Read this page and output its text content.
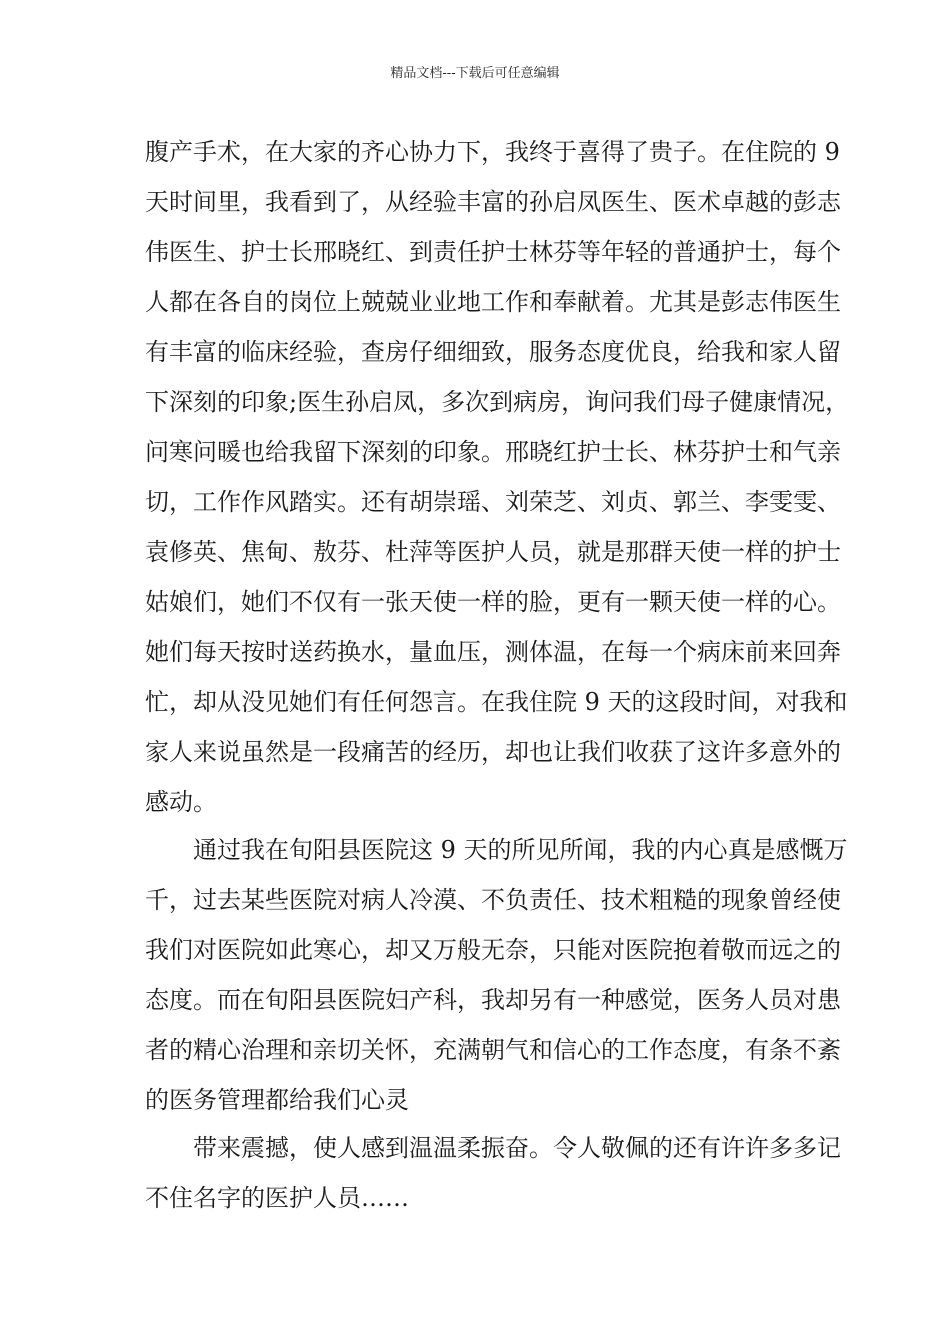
精品文档---下载后可任意编辑
腹产手术，在大家的齐心协力下，我终于喜得了贵子。在住院的 9
天时间里，我看到了，从经验丰富的孙启凤医生、医术卓越的彭志
伟医生、护士长邢晓红、到责任护士林芬等年轻的普通护士，每个
人都在各自的岗位上兢兢业业地工作和奉献着。尤其是彭志伟医生
有丰富的临床经验，查房仔细细致，服务态度优良，给我和家人留
下深刻的印象;医生孙启凤，多次到病房，询问我们母子健康情况，
问寒问暖也给我留下深刻的印象。邢晓红护士长、林芬护士和气亲
切，工作作风踏实。还有胡崇瑶、刘荣芝、刘贞、郭兰、李雯雯、
袁修英、焦甸、敖芬、杜萍等医护人员，就是那群天使一样的护士
姑娘们，她们不仅有一张天使一样的脸，更有一颗天使一样的心。
她们每天按时送药换水，量血压，测体温，在每一个病床前来回奔
忙，却从没见她们有任何怨言。在我住院 9 天的这段时间，对我和
家人来说虽然是一段痛苦的经历，却也让我们收获了这许多意外的
感动。
通过我在旬阳县医院这 9 天的所见所闻，我的内心真是感慨万
千，过去某些医院对病人冷漠、不负责任、技术粗糙的现象曾经使
我们对医院如此寒心，却又万般无奈，只能对医院抱着敬而远之的
态度。而在旬阳县医院妇产科，我却另有一种感觉，医务人员对患
者的精心治理和亲切关怀，充满朝气和信心的工作态度，有条不紊
的医务管理都给我们心灵
带来震撼，使人感到温温柔振奋。令人敬佩的还有许许多多记
不住名字的医护人员……
